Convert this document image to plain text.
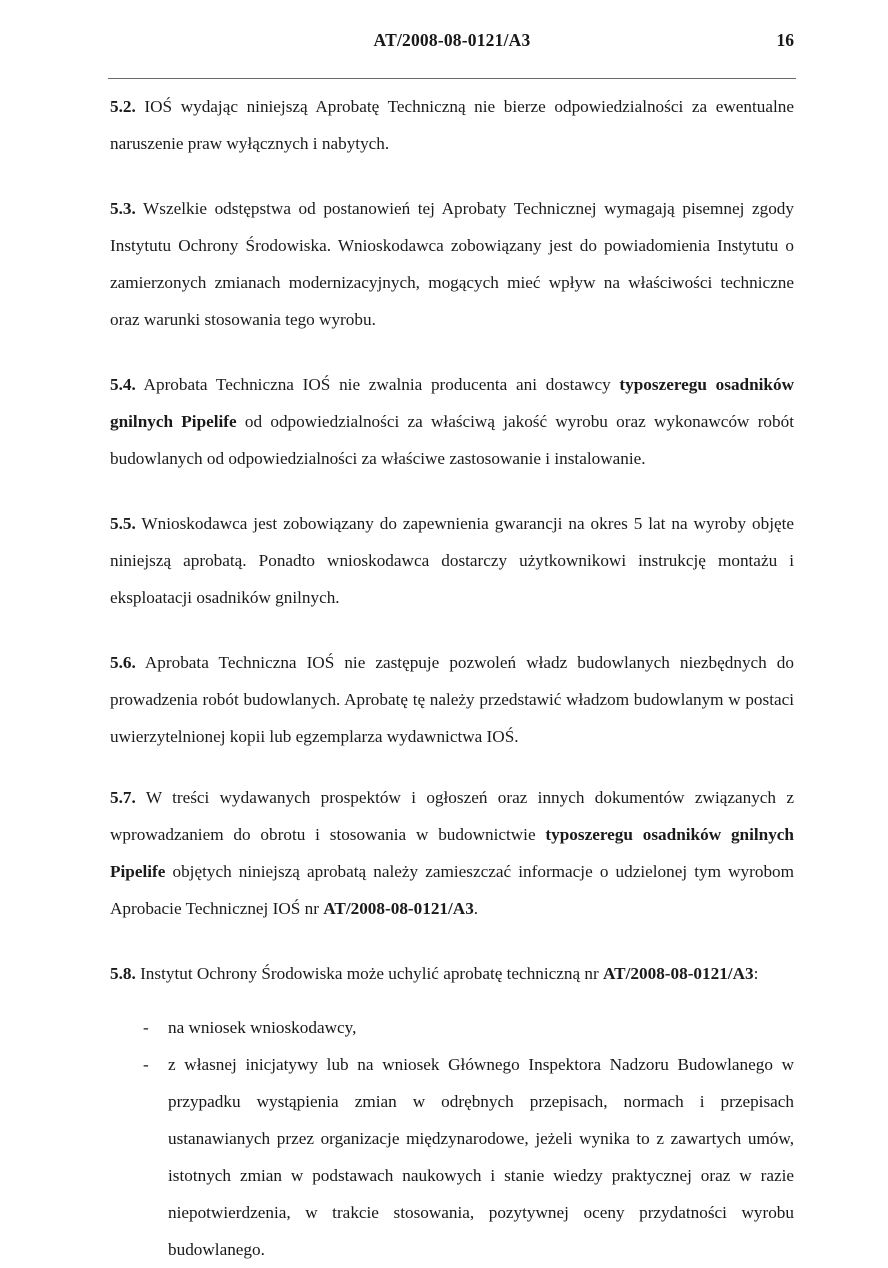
AT/2008-08-0121/A3	16

5.2. IOŚ wydając niniejszą Aprobatę Techniczną nie bierze odpowiedzialności za ewentualne naruszenie praw wyłącznych i nabytych.

5.3. Wszelkie odstępstwa od postanowień tej Aprobaty Technicznej wymagają pisemnej zgody Instytutu Ochrony Środowiska. Wnioskodawca zobowiązany jest do powiadomienia Instytutu o zamierzonych zmianach modernizacyjnych, mogących mieć wpływ na właściwości techniczne oraz warunki stosowania tego wyrobu.

5.4. Aprobata Techniczna IOŚ nie zwalnia producenta ani dostawcy typoszeregu osadników gnilnych Pipelife od odpowiedzialności za właściwą jakość wyrobu oraz wykonawców robót budowlanych od odpowiedzialności za właściwe zastosowanie i instalowanie.

5.5. Wnioskodawca jest zobowiązany do zapewnienia gwarancji na okres 5 lat na wyroby objęte niniejszą aprobatą. Ponadto wnioskodawca dostarczy użytkownikowi instrukcję montażu i eksploatacji osadników gnilnych.

5.6. Aprobata Techniczna IOŚ nie zastępuje pozwoleń władz budowlanych niezbędnych do prowadzenia robót budowlanych. Aprobatę tę należy przedstawić władzom budowlanym w postaci uwierzytelnionej kopii lub egzemplarza wydawnictwa IOŚ.

5.7. W treści wydawanych prospektów i ogłoszeń oraz innych dokumentów związanych z wprowadzaniem do obrotu i stosowania w budownictwie typoszeregu osadników gnilnych Pipelife objętych niniejszą aprobatą należy zamieszczać informacje o udzielonej tym wyrobom Aprobacie Technicznej IOŚ nr AT/2008-08-0121/A3.

5.8. Instytut Ochrony Środowiska może uchylić aprobatę techniczną nr AT/2008-08-0121/A3:

- na wniosek wnioskodawcy,
- z własnej inicjatywy lub na wniosek Głównego Inspektora Nadzoru Budowlanego w przypadku wystąpienia zmian w odrębnych przepisach, normach i przepisach ustanawianych przez organizacje międzynarodowe, jeżeli wynika to z zawartych umów, istotnych zmian w podstawach naukowych i stanie wiedzy praktycznej oraz w razie niepotwierdzenia, w trakcie stosowania, pozytywnej oceny przydatności wyrobu budowlanego.
